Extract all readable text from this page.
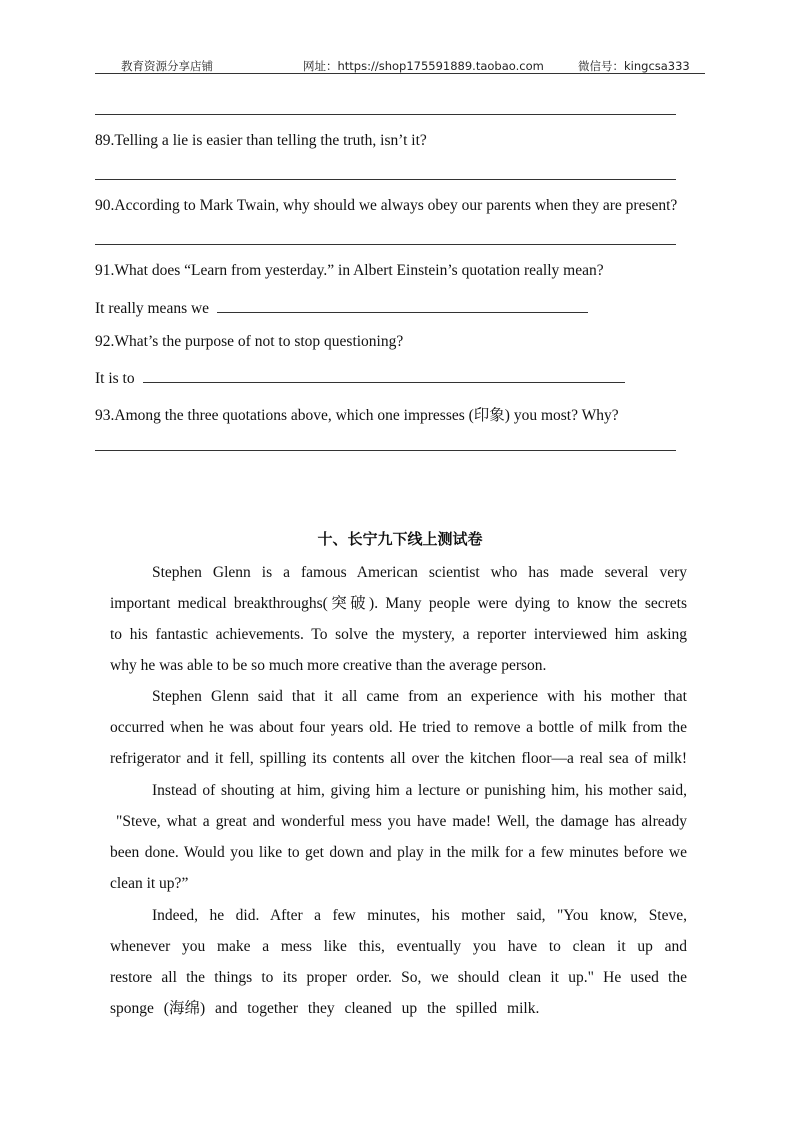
教育资源分享店铺	网址：https://shop175591889.taobao.com	微信号：kingcsa333
89.Telling a lie is easier than telling the truth, isn’t it?
90.According to Mark Twain, why should we always obey our parents when they are present?
91.What does “Learn from yesterday.” in Albert Einstein’s quotation really mean?
It really means we
92.What’s the purpose of not to stop questioning?
It is to
93.Among the three quotations above, which one impresses (印象) you most? Why?
十、长宁九下线上测试卷
Stephen Glenn is a famous American scientist who has made several very
important medical breakthroughs(突破). Many people were dying to know the secrets
to his fantastic achievements. To solve the mystery, a reporter interviewed him asking
why he was able to be so much more creative than the average person.
Stephen Glenn said that it all came from an experience with his mother that
occurred when he was about four years old. He tried to remove a bottle of milk from the
refrigerator and it fell, spilling its contents all over the kitchen floor—a real sea of milk!
Instead of shouting at him, giving him a lecture or punishing him, his mother said,
"Steve, what a great and wonderful mess you have made! Well, the damage has already
been done. Would you like to get down and play in the milk for a few minutes before we
clean it up?”
Indeed, he did. After a few minutes, his mother said, "You know, Steve,
whenever you make a mess like this, eventually you have to clean it up and
restore all the things to its proper order. So, we should clean it up." He used the
sponge (海绵) and together they cleaned up the spilled milk.
